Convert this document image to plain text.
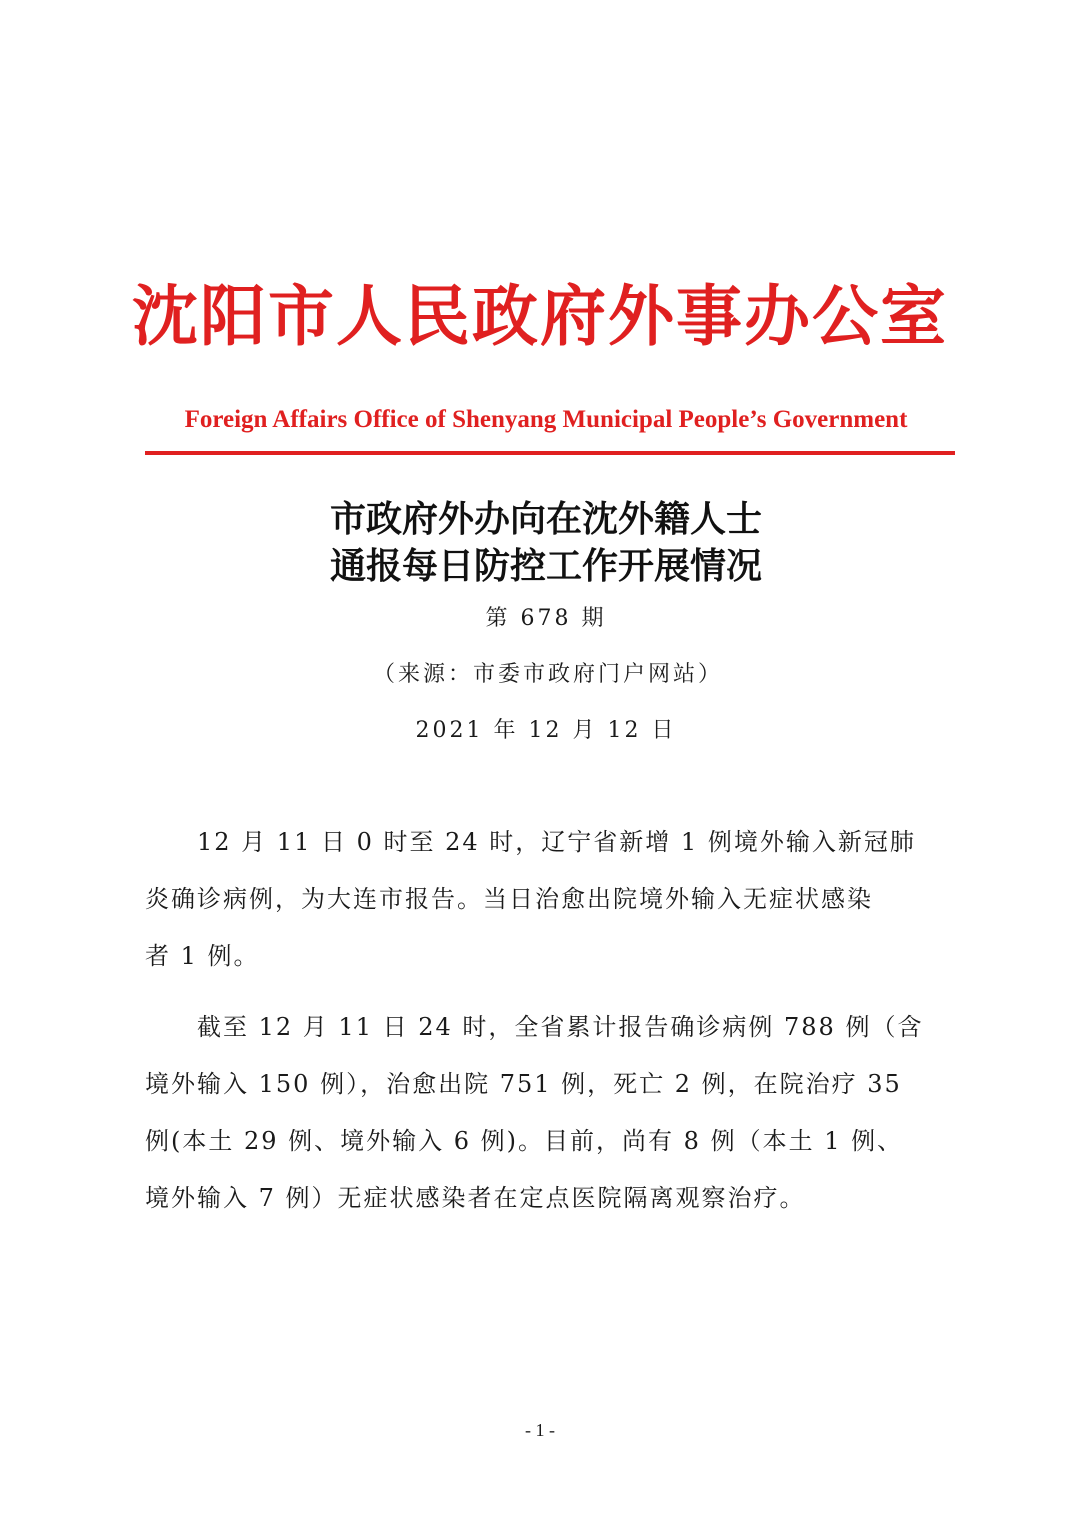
沈阳市人民政府外事办公室
Foreign Affairs Office of Shenyang Municipal People’s Government
市政府外办向在沈外籍人士
通报每日防控工作开展情况
第 678 期
（来源：市委市政府门户网站）
2021 年 12 月 12 日
　　12 月 11 日 0 时至 24 时，辽宁省新增 1 例境外输入新冠肺
炎确诊病例，为大连市报告。当日治愈出院境外输入无症状感染
者 1 例。
　　截至 12 月 11 日 24 时，全省累计报告确诊病例 788 例（含
境外输入 150 例），治愈出院 751 例，死亡 2 例，在院治疗 35
例(本土 29 例、境外输入 6 例)。目前，尚有 8 例（本土 1 例、
境外输入 7 例）无症状感染者在定点医院隔离观察治疗。
- 1 -
